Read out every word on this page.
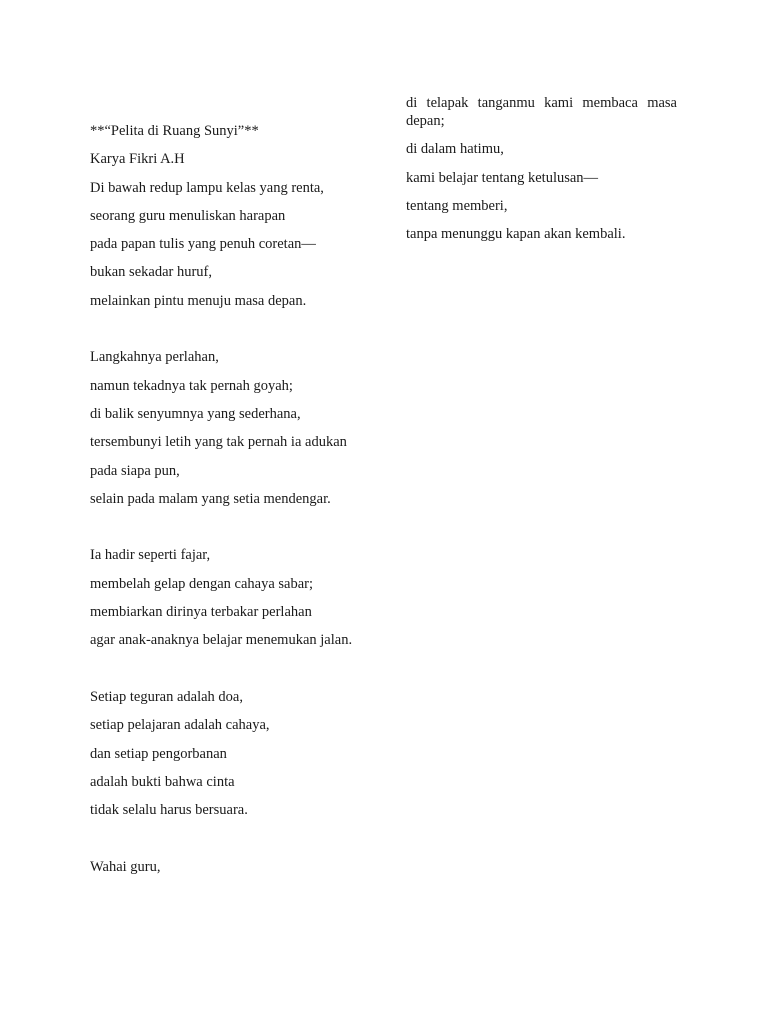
**“Pelita di Ruang Sunyi”**
Karya Fikri A.H
Di bawah redup lampu kelas yang renta,
seorang guru menuliskan harapan
pada papan tulis yang penuh coretan—
bukan sekadar huruf,
melainkan pintu menuju masa depan.
Langkahnya perlahan,
namun tekadnya tak pernah goyah;
di balik senyumnya yang sederhana,
tersembunyi letih yang tak pernah ia adukan
pada siapa pun,
selain pada malam yang setia mendengar.
Ia hadir seperti fajar,
membelah gelap dengan cahaya sabar;
membiarkan dirinya terbakar perlahan
agar anak-anaknya belajar menemukan jalan.
Setiap teguran adalah doa,
setiap pelajaran adalah cahaya,
dan setiap pengorbanan
adalah bukti bahwa cinta
tidak selalu harus bersuara.
Wahai guru,
di telapak tanganmu kami membaca masa depan;
di dalam hatimu,
kami belajar tentang ketulusan—
tentang memberi,
tanpa menunggu kapan akan kembali.
